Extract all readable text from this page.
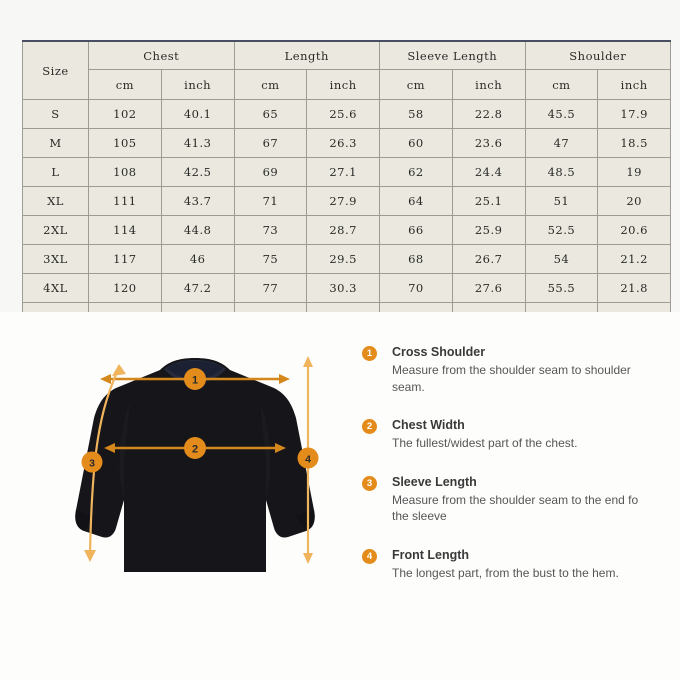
Size	Chest		Length		Sleeve Length		Shoulder	
	cm	inch	cm	inch	cm	inch	cm	inch
S	102	40.1	65	25.6	58	22.8	45.5	17.9
M	105	41.3	67	26.3	60	23.6	47	18.5
L	108	42.5	69	27.1	62	24.4	48.5	19
XL	111	43.7	71	27.9	64	25.1	51	20
2XL	114	44.8	73	28.7	66	25.9	52.5	20.6
3XL	117	46	75	29.5	68	26.7	54	21.2
4XL	120	47.2	77	30.3	70	27.6	55.5	21.8

1
2
3	4
1	Cross Shoulder
Measure from the shoulder seam to shoulder seam.
2	Chest Width
The fullest/widest part of the chest.
3	Sleeve Length
Measure from the shoulder seam to the end fo the sleeve
4	Front Length
The longest part, from the bust to the hem.
